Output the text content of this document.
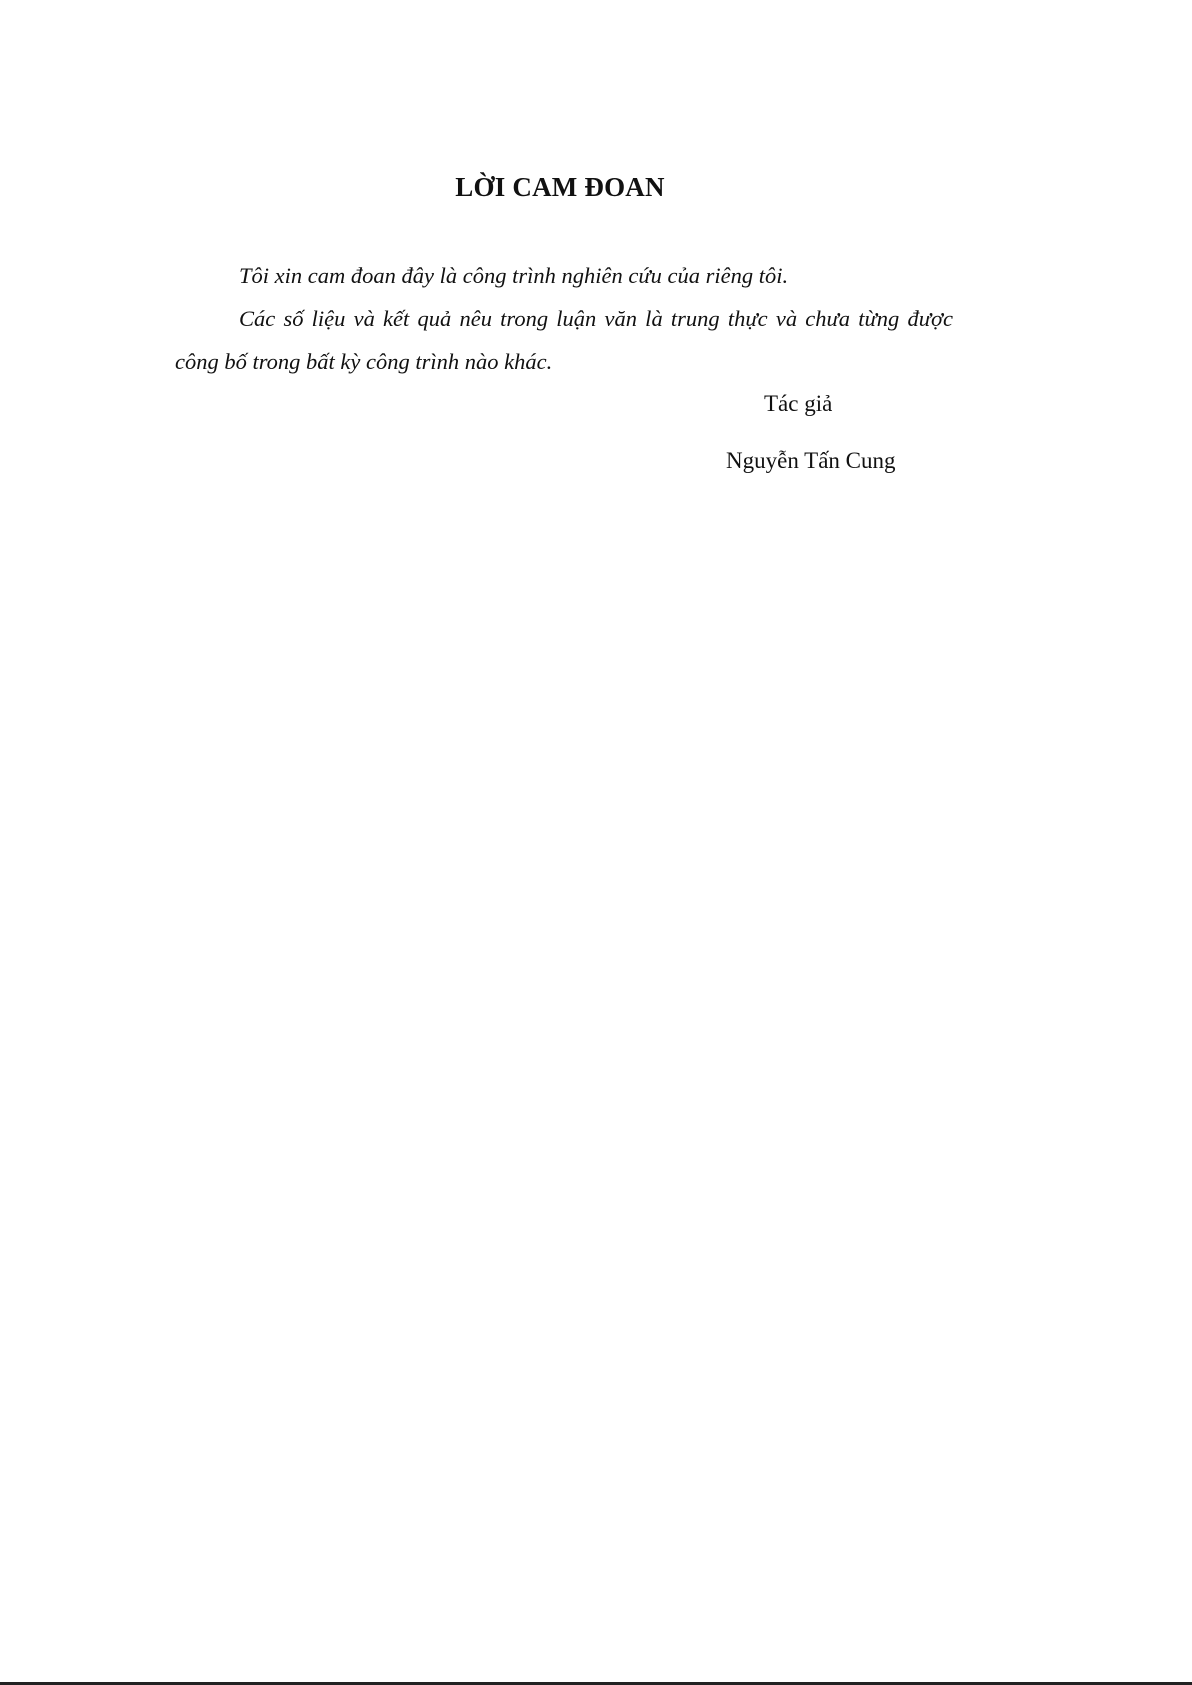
LỜI CAM ĐOAN

Tôi xin cam đoan đây là công trình nghiên cứu của riêng tôi.

Các số liệu và kết quả nêu trong luận văn là trung thực và chưa từng được công bố trong bất kỳ công trình nào khác.

Tác giả
Nguyễn Tấn Cung
